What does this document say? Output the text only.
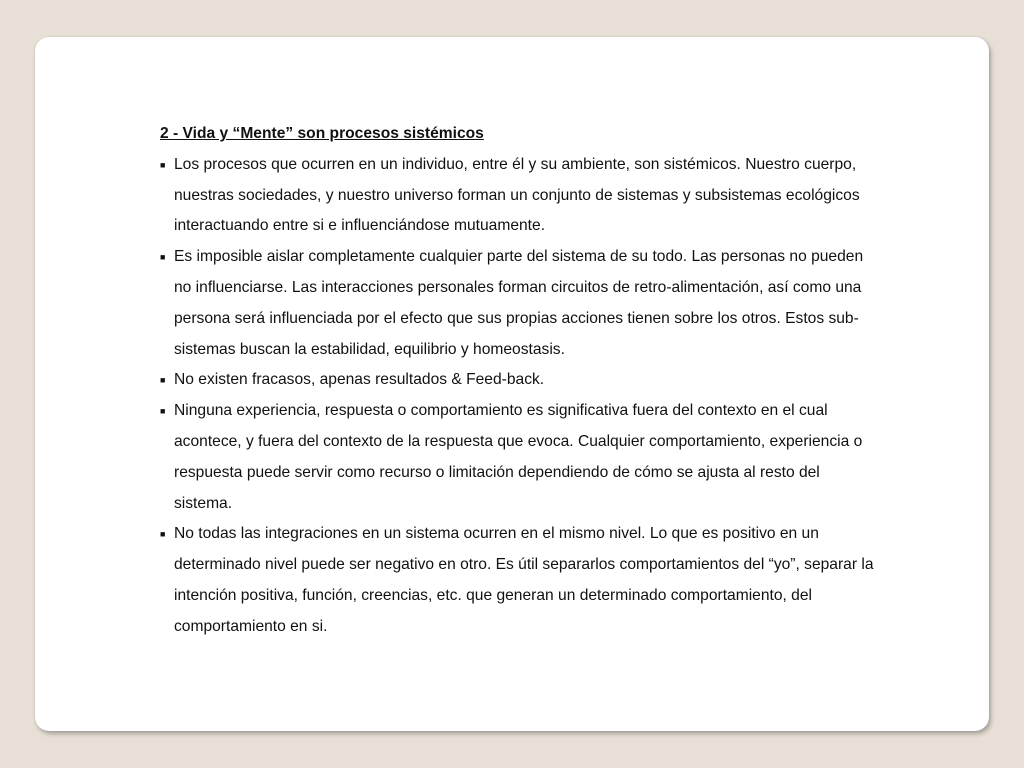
2 - Vida y “Mente” son procesos sistémicos

■ Los procesos que ocurren en un individuo, entre él y su ambiente, son sistémicos. Nuestro cuerpo, nuestras sociedades, y nuestro universo forman un conjunto de sistemas y subsistemas ecológicos interactuando entre si e influenciándose mutuamente.
■ Es imposible aislar completamente cualquier parte del sistema de su todo. Las personas no pueden no influenciarse. Las interacciones personales forman circuitos de retro-alimentación, así como una persona será influenciada por el efecto que sus propias acciones tienen sobre los otros. Estos sub-sistemas buscan la estabilidad, equilibrio y homeostasis.
■ No existen fracasos, apenas resultados & Feed-back.
■ Ninguna experiencia, respuesta o comportamiento es significativa fuera del contexto en el cual acontece, y fuera del contexto de la respuesta que evoca. Cualquier comportamiento, experiencia o respuesta puede servir como recurso o limitación dependiendo de cómo se ajusta al resto del sistema.
■ No todas las integraciones en un sistema ocurren en el mismo nivel. Lo que es positivo en un determinado nivel puede ser negativo en otro. Es útil separarlos comportamientos del “yo”, separar la intención positiva, función, creencias, etc. que generan un determinado comportamiento, del comportamiento en si.
